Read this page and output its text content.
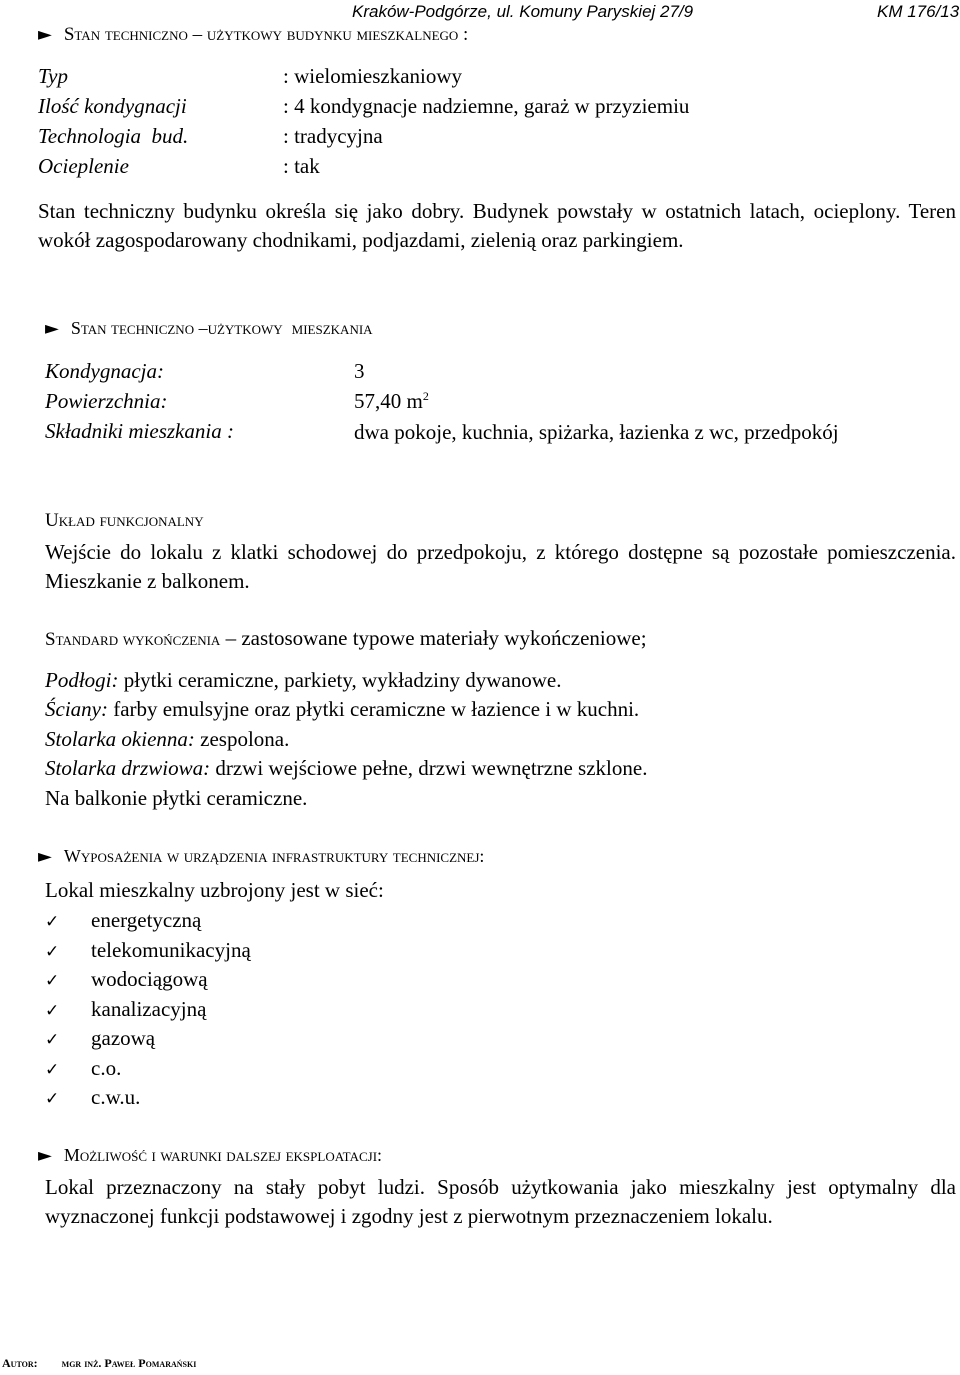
Kraków-Podgórze, ul. Komuny Paryskiej 27/9	KM 176/13
► Stan techniczno – użytkowy budynku mieszkalnego :
Typ	: wielomieszkaniowy
Ilość kondygnacji	: 4 kondygnacje nadziemne, garaż w przyziemiu
Technologia  bud.	: tradycyjna
Ocieplenie	: tak
Stan techniczny budynku określa się jako dobry. Budynek powstały w ostatnich latach, ocieplony. Teren wokół zagospodarowany chodnikami, podjazdami, zielenią oraz parkingiem.
► Stan techniczno –użytkowy  mieszkania
Kondygnacja:	3
Powierzchnia:	57,40 $m^2$
Składniki mieszkania :	dwa pokoje, kuchnia, spiżarka, łazienka z wc, przedpokój
Układ funkcjonalny
Wejście do lokalu z klatki schodowej do przedpokoju, z którego dostępne są pozostałe pomieszczenia. Mieszkanie z balkonem.
Standard wykończenia – zastosowane typowe materiały wykończeniowe;
Podłogi: płytki ceramiczne, parkiety, wykładziny dywanowe.
Ściany: farby emulsyjne oraz płytki ceramiczne w łazience i w kuchni.
Stolarka okienna: zespolona.
Stolarka drzwiowa: drzwi wejściowe pełne, drzwi wewnętrzne szklone.
Na balkonie płytki ceramiczne.
► Wyposażenia w urządzenia infrastruktury technicznej:
Lokal mieszkalny uzbrojony jest w sieć:
✓ energetyczną
✓ telekomunikacyjną
✓ wodociągową
✓ kanalizacyjną
✓ gazową
✓ c.o.
✓ c.w.u.
► Możliwość i warunki dalszej eksploatacji:
Lokal przeznaczony na stały pobyt ludzi. Sposób użytkowania jako mieszkalny jest optymalny dla wyznaczonej funkcji podstawowej i zgodny jest z pierwotnym przeznaczeniem lokalu.
Autor: mgr inż. Paweł Pomarański
